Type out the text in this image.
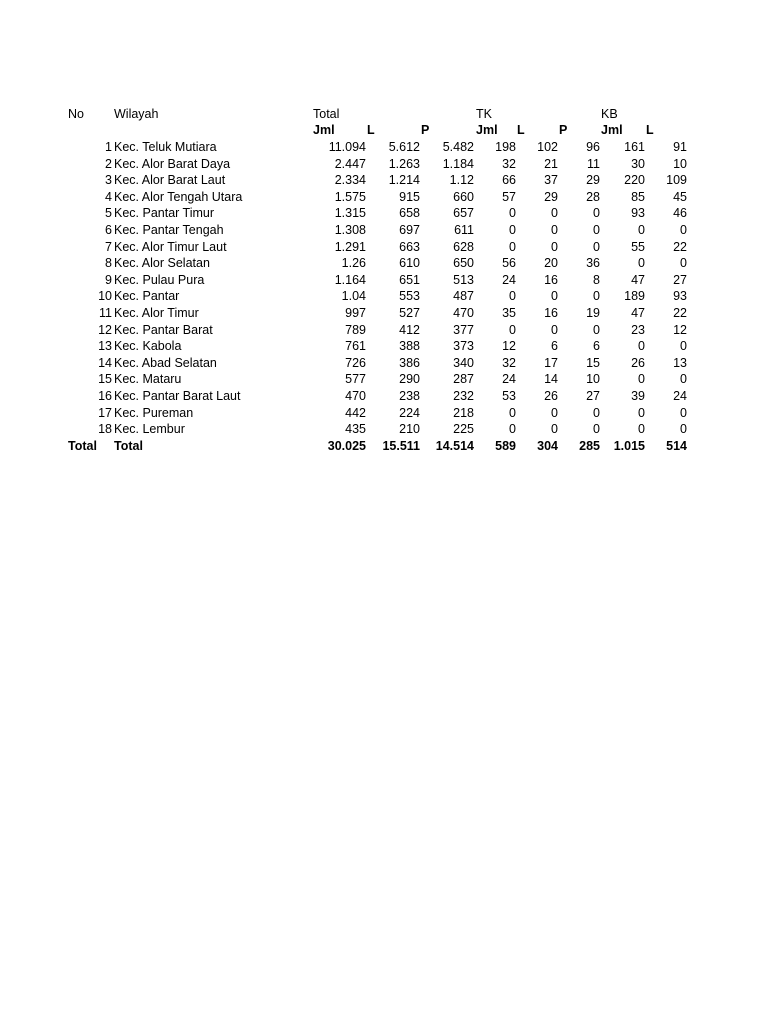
No Wilayah	Total	TK	KB
Jml	L	P	Jml L	P	Jml L
1 Kec. Teluk Mutiara	11.094	5.612	5.482	198	102	96	161	91
2 Kec. Alor Barat Daya	2.447	1.263	1.184	32	21	11	30	10
3 Kec. Alor Barat Laut	2.334	1.214	1.12	66	37	29	220	109
4 Kec. Alor Tengah Utara	1.575	915	660	57	29	28	85	45
5 Kec. Pantar Timur	1.315	658	657	0	0	0	93	46
6 Kec. Pantar Tengah	1.308	697	611	0	0	0	0	0
7 Kec. Alor Timur Laut	1.291	663	628	0	0	0	55	22
8 Kec. Alor Selatan	1.26	610	650	56	20	36	0	0
9 Kec. Pulau Pura	1.164	651	513	24	16	8	47	27
10 Kec. Pantar	1.04	553	487	0	0	0	189	93
11 Kec. Alor Timur	997	527	470	35	16	19	47	22
12 Kec. Pantar Barat	789	412	377	0	0	0	23	12
13 Kec. Kabola	761	388	373	12	6	6	0	0
14 Kec. Abad Selatan	726	386	340	32	17	15	26	13
15 Kec. Mataru	577	290	287	24	14	10	0	0
16 Kec. Pantar Barat Laut	470	238	232	53	26	27	39	24
17 Kec. Pureman	442	224	218	0	0	0	0	0
18 Kec. Lembur	435	210	225	0	0	0	0	0
Total Total	30.025	15.511	14.514	589	304	285	1.015	514
